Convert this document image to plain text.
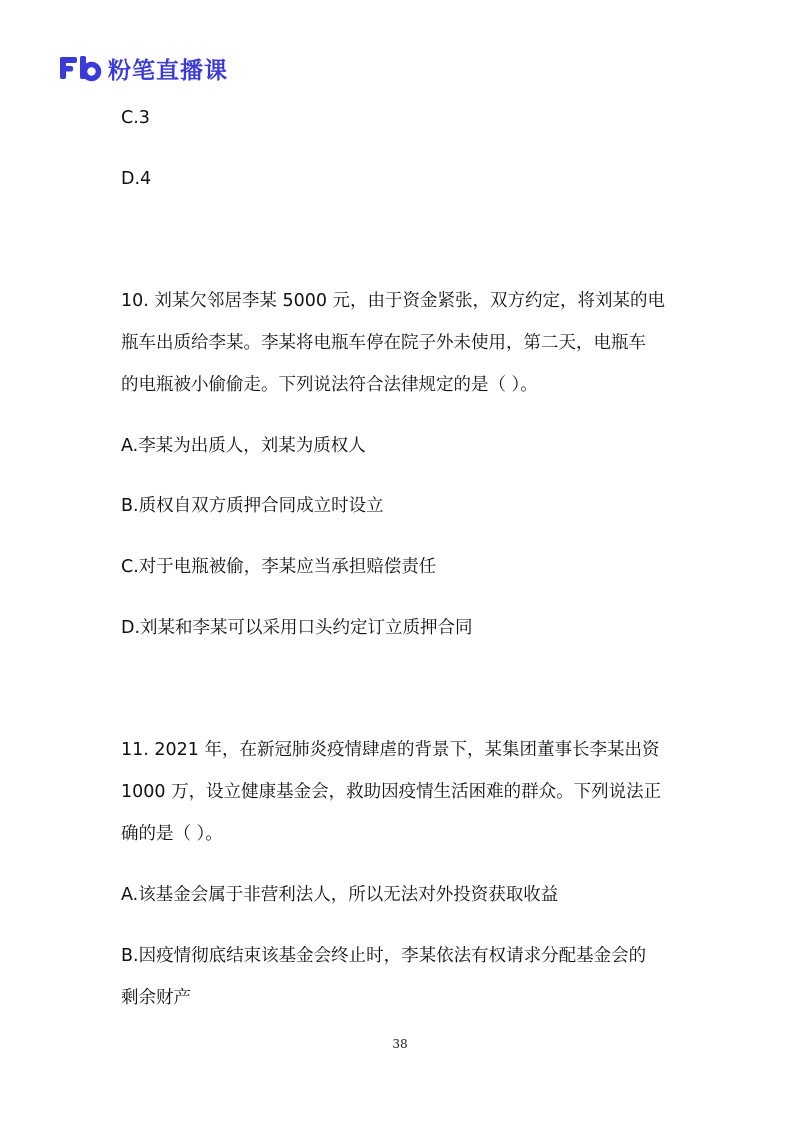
粉笔直播课
C.3
D.4
10. 刘某欠邻居李某 5000 元，由于资金紧张，双方约定，将刘某的电
瓶车出质给李某。李某将电瓶车停在院子外未使用，第二天，电瓶车
的电瓶被小偷偷走。下列说法符合法律规定的是（ ）。
A.李某为出质人，刘某为质权人
B.质权自双方质押合同成立时设立
C.对于电瓶被偷，李某应当承担赔偿责任
D.刘某和李某可以采用口头约定订立质押合同
11. 2021 年，在新冠肺炎疫情肆虐的背景下，某集团董事长李某出资
1000 万，设立健康基金会，救助因疫情生活困难的群众。下列说法正
确的是（ ）。
A.该基金会属于非营利法人，所以无法对外投资获取收益
B.因疫情彻底结束该基金会终止时，李某依法有权请求分配基金会的
剩余财产
38
